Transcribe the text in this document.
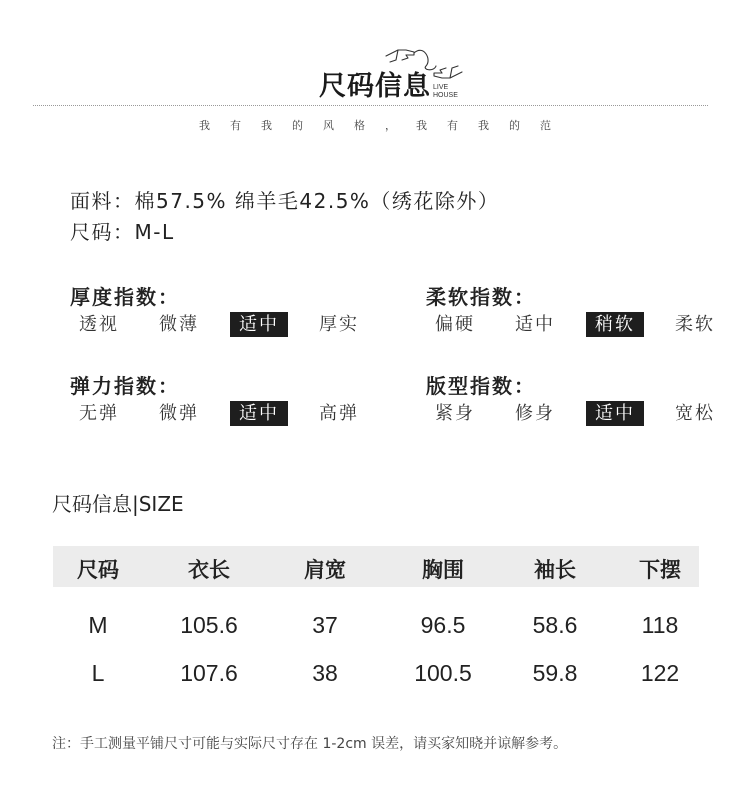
尺码信息 LIVE
HOUSE
我有我的风格，我有我的范
面料：棉57.5% 绵羊毛42.5%（绣花除外）
尺码：M-L
厚度指数：
透视	微薄	适中	厚实
柔软指数：
偏硬	适中	稍软	柔软
弹力指数：
无弹	微弹	适中	高弹
版型指数：
紧身	修身	适中	宽松
尺码信息|SIZE
尺码	衣长	肩宽	胸围	袖长	下摆
M	105.6	37	96.5	58.6	118
L	107.6	38	100.5	59.8	122
注：手工测量平铺尺寸可能与实际尺寸存在 1-2cm 误差，请买家知晓并谅解参考。
